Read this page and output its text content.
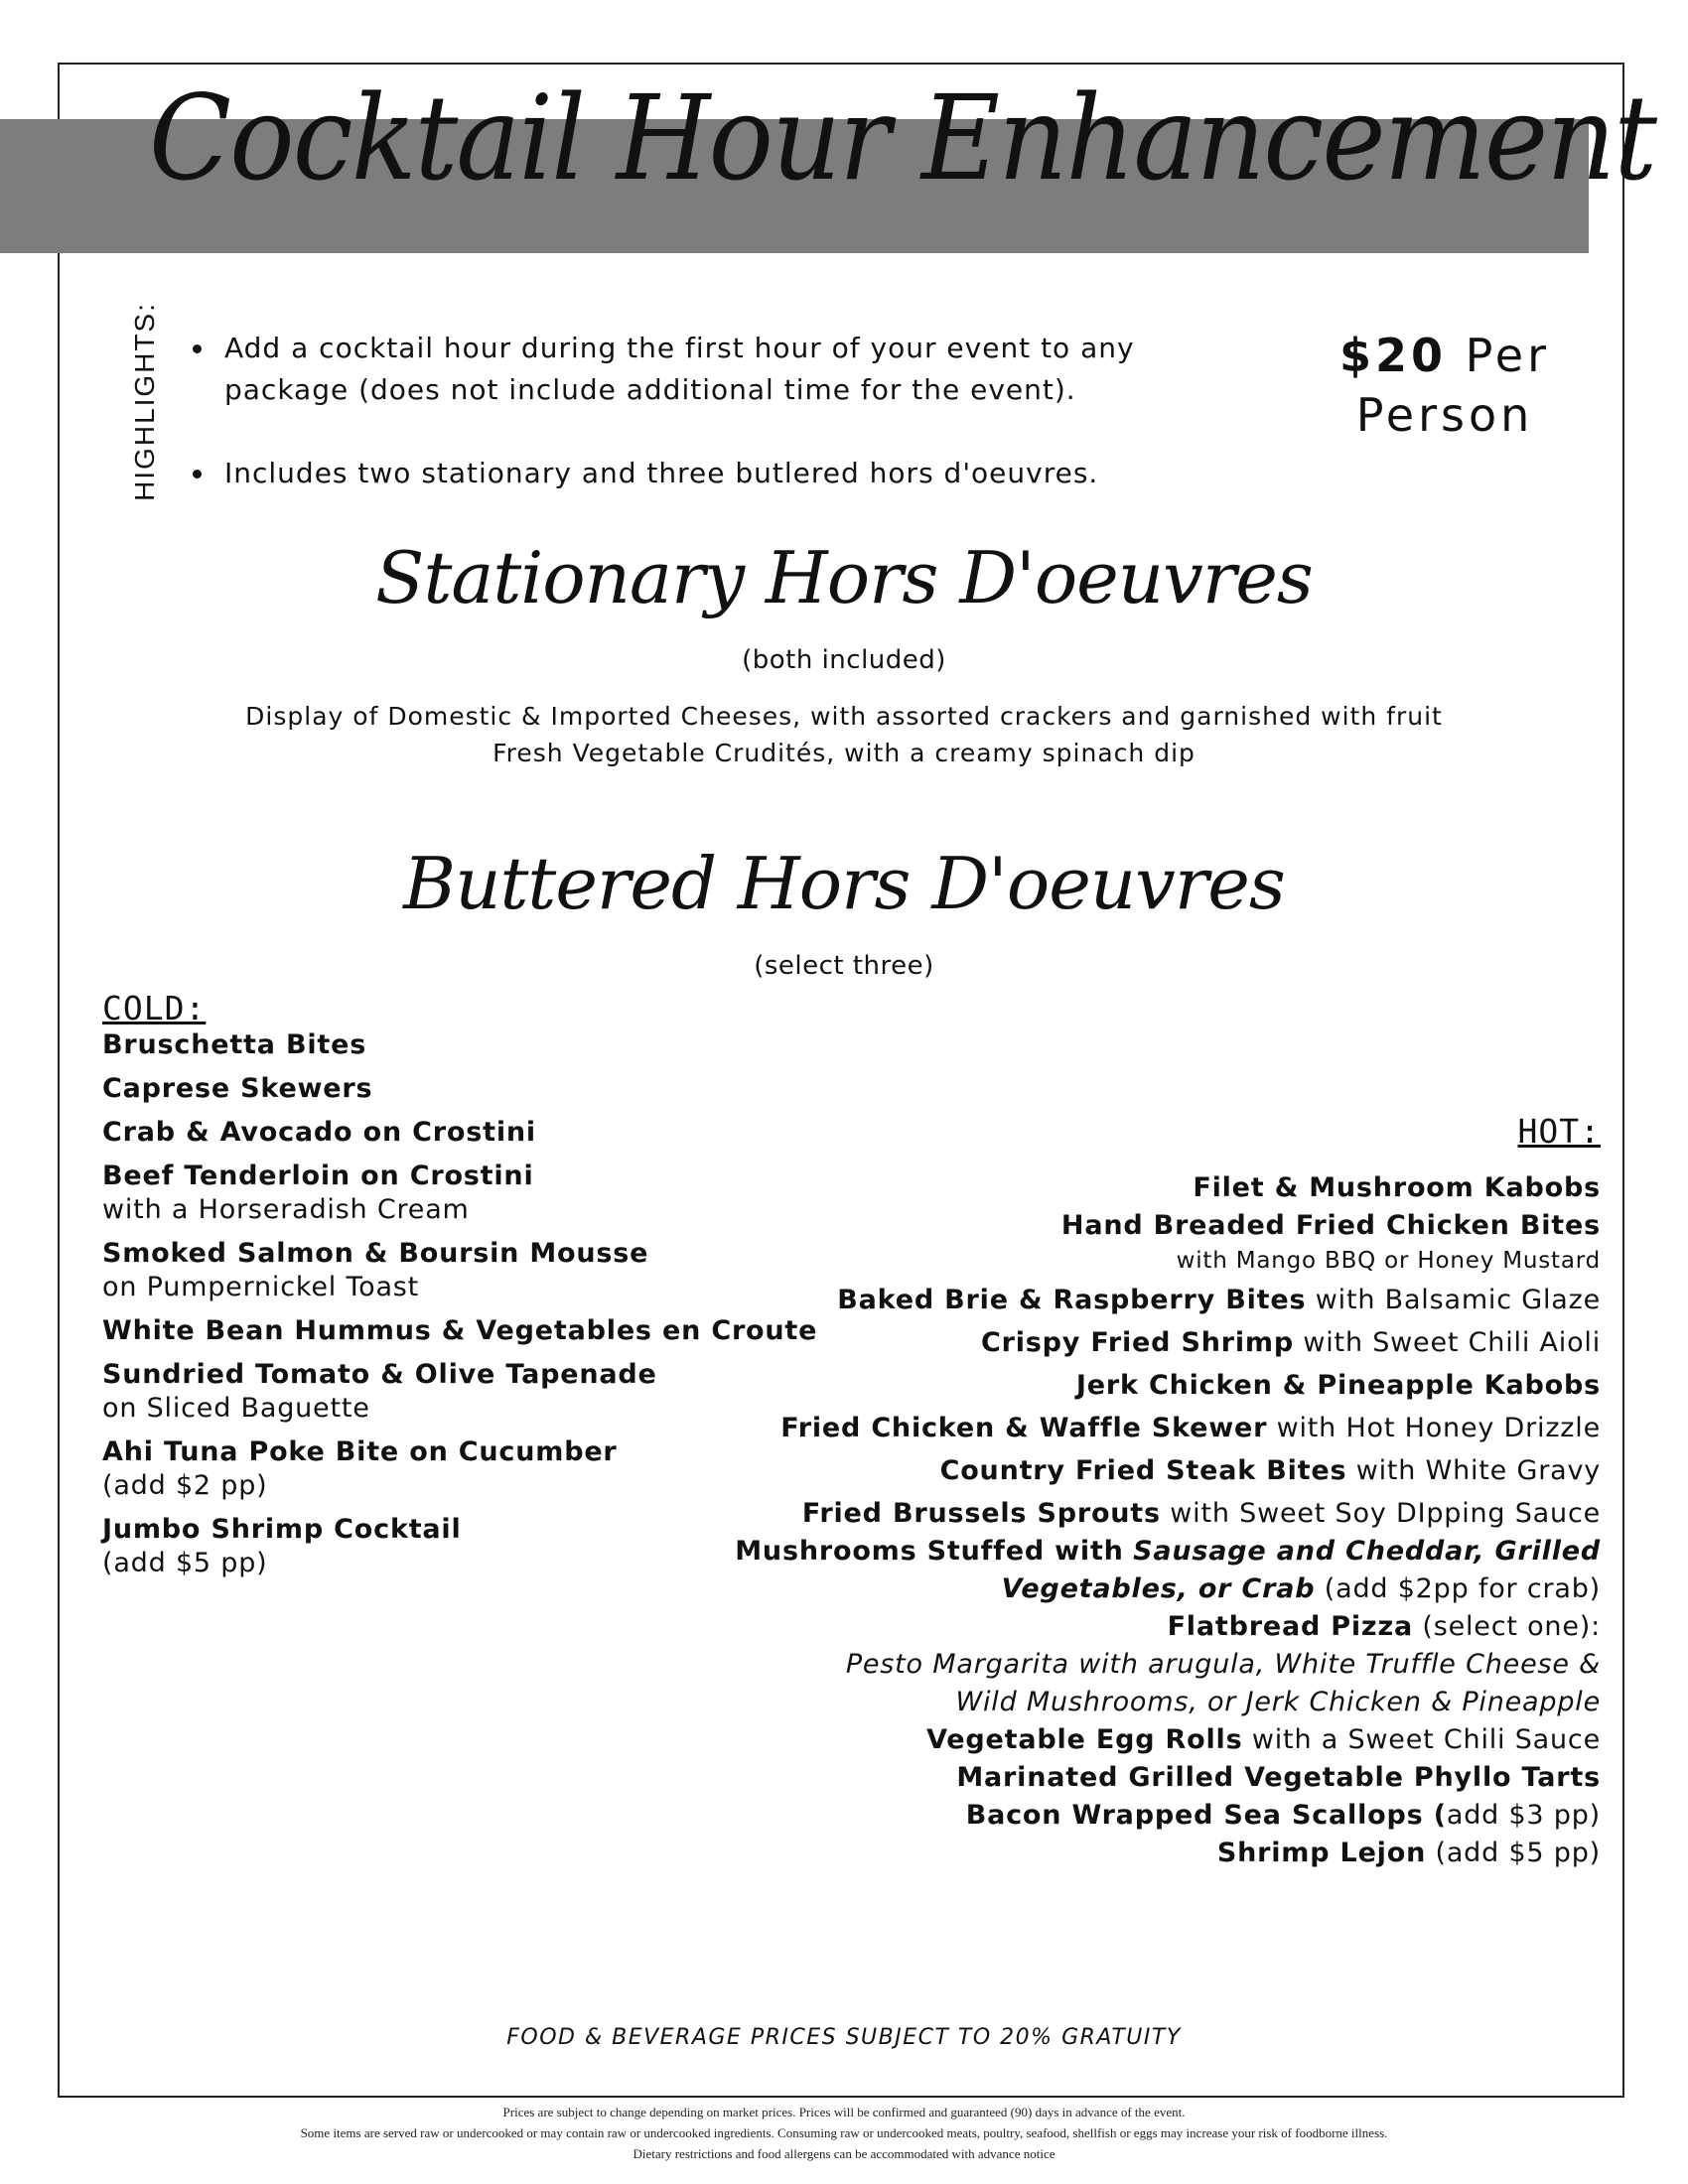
Cocktail Hour Enhancement
HIGHLIGHTS:	Add a cocktail hour during the first hour of your event to any package (does not include additional time for the event).
Includes two stationary and three butlered hors d'oeuvres.
$20 Per
Person
Stationary Hors D'oeuvres
(both included)
Display of Domestic & Imported Cheeses, with assorted crackers and garnished with fruit
Fresh Vegetable Crudités, with a creamy spinach dip
Buttered Hors D'oeuvres
(select three)
COLD:
Bruschetta Bites
Caprese Skewers
Crab & Avocado on Crostini
Beef Tenderloin on Crostini
with a Horseradish Cream
Smoked Salmon & Boursin Mousse
on Pumpernickel Toast
White Bean Hummus & Vegetables en Croute
Sundried Tomato & Olive Tapenade
on Sliced Baguette
Ahi Tuna Poke Bite on Cucumber
(add $2 pp)
Jumbo Shrimp Cocktail
(add $5 pp)
HOT:
Filet & Mushroom Kabobs
Hand Breaded Fried Chicken Bites
with Mango BBQ or Honey Mustard
Baked Brie & Raspberry Bites with Balsamic Glaze
Crispy Fried Shrimp with Sweet Chili Aioli
Jerk Chicken & Pineapple Kabobs
Fried Chicken & Waffle Skewer with Hot Honey Drizzle
Country Fried Steak Bites with White Gravy
Fried Brussels Sprouts with Sweet Soy DIpping Sauce
Mushrooms Stuffed with Sausage and Cheddar, Grilled
Vegetables, or Crab (add $2pp for crab)
Flatbread Pizza (select one):
Pesto Margarita with arugula, White Truffle Cheese &
Wild Mushrooms, or Jerk Chicken & Pineapple
Vegetable Egg Rolls with a Sweet Chili Sauce
Marinated Grilled Vegetable Phyllo Tarts
Bacon Wrapped Sea Scallops (add $3 pp)
Shrimp Lejon (add $5 pp)
FOOD & BEVERAGE PRICES SUBJECT TO 20% GRATUITY
Prices are subject to change depending on market prices. Prices will be confirmed and guaranteed (90) days in advance of the event.
Some items are served raw or undercooked or may contain raw or undercooked ingredients. Consuming raw or undercooked meats, poultry, seafood, shellfish or eggs may increase your risk of foodborne illness.
Dietary restrictions and food allergens can be accommodated with advance notice
